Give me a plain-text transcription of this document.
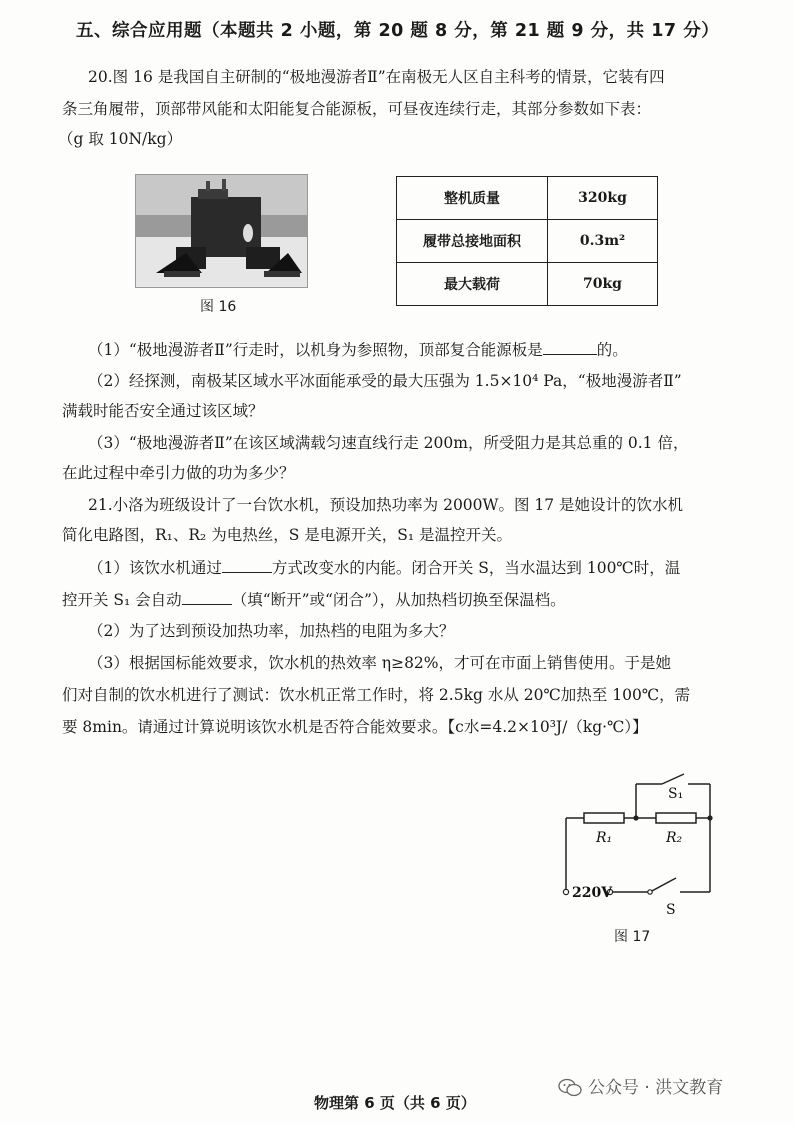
五、综合应用题（本题共 2 小题，第 20 题 8 分，第 21 题 9 分，共 17 分）
20.图 16 是我国自主研制的“极地漫游者Ⅱ”在南极无人区自主科考的情景，它装有四
条三角履带，顶部带风能和太阳能复合能源板，可昼夜连续行走，其部分参数如下表：
（g 取 10N/kg）
图 16
整机质量	320kg
履带总接地面积	0.3m²
最大载荷	70kg
（1）“极地漫游者Ⅱ”行走时，以机身为参照物，顶部复合能源板是	的。
（2）经探测，南极某区域水平冰面能承受的最大压强为 1.5×10⁴ Pa，“极地漫游者Ⅱ”
满载时能否安全通过该区域？
（3）“极地漫游者Ⅱ”在该区域满载匀速直线行走 200m，所受阻力是其总重的 0.1 倍，
在此过程中牵引力做的功为多少？
21.小洛为班级设计了一台饮水机，预设加热功率为 2000W。图 17 是她设计的饮水机
简化电路图，R₁、R₂ 为电热丝，S 是电源开关，S₁ 是温控开关。
（1）该饮水机通过	方式改变水的内能。闭合开关 S，当水温达到 100℃时，温
控开关 S₁ 会自动	（填“断开”或“闭合”），从加热档切换至保温档。
（2）为了达到预设加热功率，加热档的电阻为多大？
（3）根据国标能效要求，饮水机的热效率 η≥82%，才可在市面上销售使用。于是她
们对自制的饮水机进行了测试：饮水机正常工作时，将 2.5kg 水从 20℃加热至 100℃，需
要 8min。请通过计算说明该饮水机是否符合能效要求。【c水=4.2×10³J/（kg·℃）】
R₁	R₂
S₁
S
220V
图 17
物理第 6 页（共 6 页）
公众号 · 洪文教育
